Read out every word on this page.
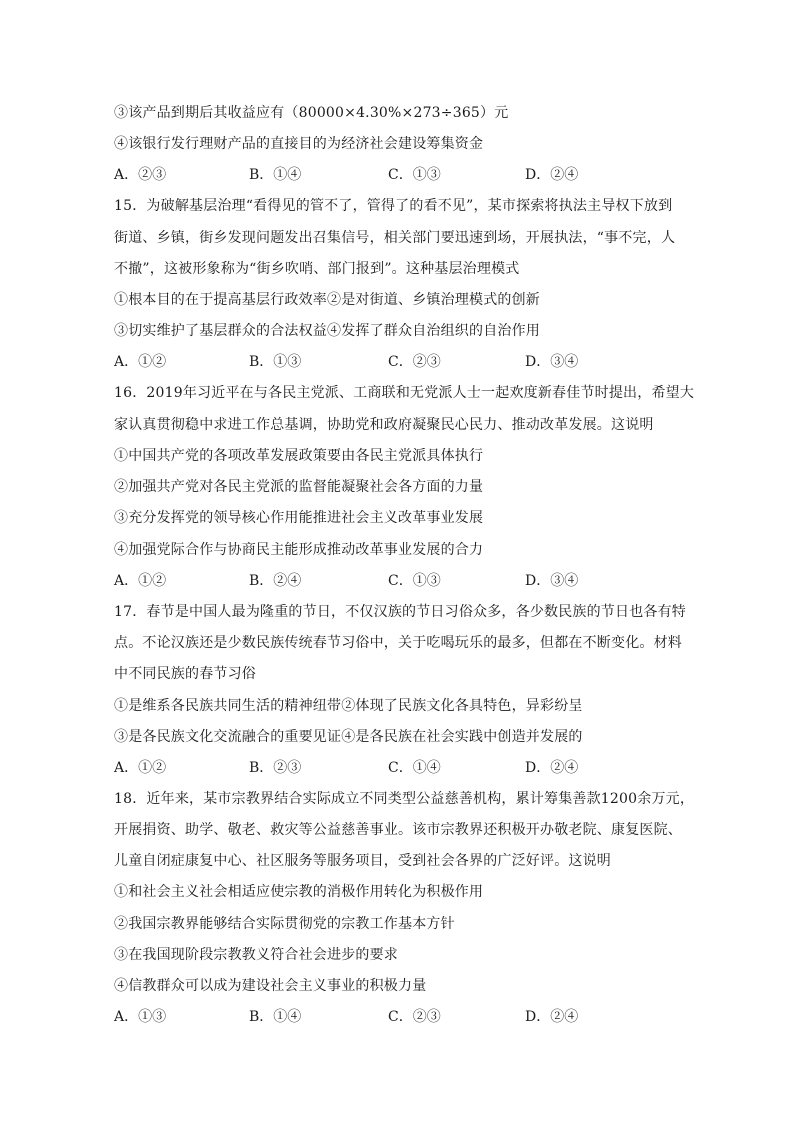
③该产品到期后其收益应有（80000×4.30%×273÷365）元
④该银行发行理财产品的直接目的为经济社会建设筹集资金
A．②③	B．①④	C．①③	D．②④
15．为破解基层治理“看得见的管不了，管得了的看不见”，某市探索将执法主导权下放到
街道、乡镇，街乡发现问题发出召集信号，相关部门要迅速到场，开展执法，“事不完，人
不撤”，这被形象称为“街乡吹哨、部门报到”。这种基层治理模式
①根本目的在于提高基层行政效率②是对街道、乡镇治理模式的创新
③切实维护了基层群众的合法权益④发挥了群众自治组织的自治作用
A．①②	B．①③	C．②③	D．③④
16．2019年习近平在与各民主党派、工商联和无党派人士一起欢度新春佳节时提出，希望大
家认真贯彻稳中求进工作总基调，协助党和政府凝聚民心民力、推动改革发展。这说明
①中国共产党的各项改革发展政策要由各民主党派具体执行
②加强共产党对各民主党派的监督能凝聚社会各方面的力量
③充分发挥党的领导核心作用能推进社会主义改革事业发展
④加强党际合作与协商民主能形成推动改革事业发展的合力
A．①②	B．②④	C．①③	D．③④
17．春节是中国人最为隆重的节日，不仅汉族的节日习俗众多，各少数民族的节日也各有特
点。不论汉族还是少数民族传统春节习俗中，关于吃喝玩乐的最多，但都在不断变化。材料
中不同民族的春节习俗
①是维系各民族共同生活的精神纽带②体现了民族文化各具特色，异彩纷呈
③是各民族文化交流融合的重要见证④是各民族在社会实践中创造并发展的
A．①②	B．②③	C．①④	D．②④
18．近年来，某市宗教界结合实际成立不同类型公益慈善机构，累计筹集善款1200余万元，
开展捐资、助学、敬老、救灾等公益慈善事业。该市宗教界还积极开办敬老院、康复医院、
儿童自闭症康复中心、社区服务等服务项目，受到社会各界的广泛好评。这说明
①和社会主义社会相适应使宗教的消极作用转化为积极作用
②我国宗教界能够结合实际贯彻党的宗教工作基本方针
③在我国现阶段宗教教义符合社会进步的要求
④信教群众可以成为建设社会主义事业的积极力量
A．①③	B．①④	C．②③	D．②④
